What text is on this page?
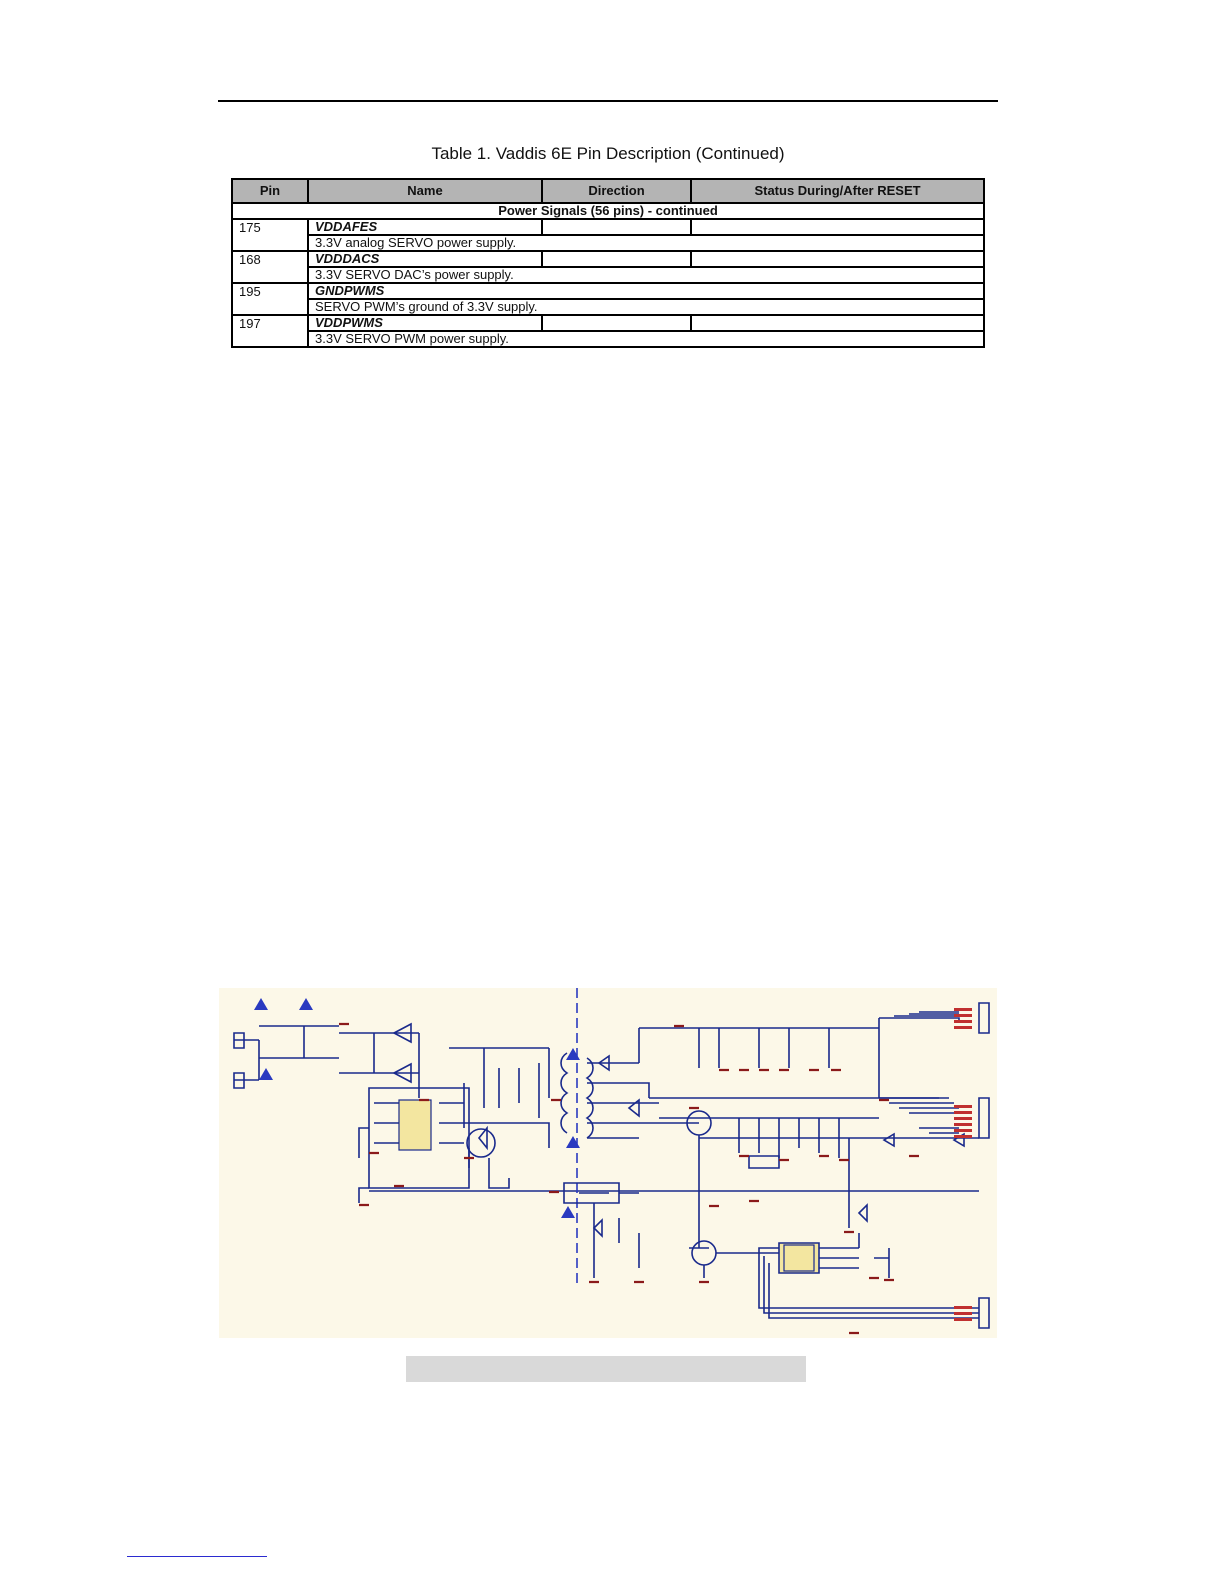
Table 1. Vaddis 6E Pin Description (Continued)
Pin	Name	Direction	Status During/After RESET
Power Signals (56 pins) - continued			
175	VDDAFES		
	3.3V analog SERVO power supply.		
168	VDDDACS		
	3.3V SERVO DAC’s power supply.		
195	GNDPWMS		
	SERVO PWM’s ground of 3.3V supply.		
197	VDDPWMS		
	3.3V SERVO PWM power supply.		
